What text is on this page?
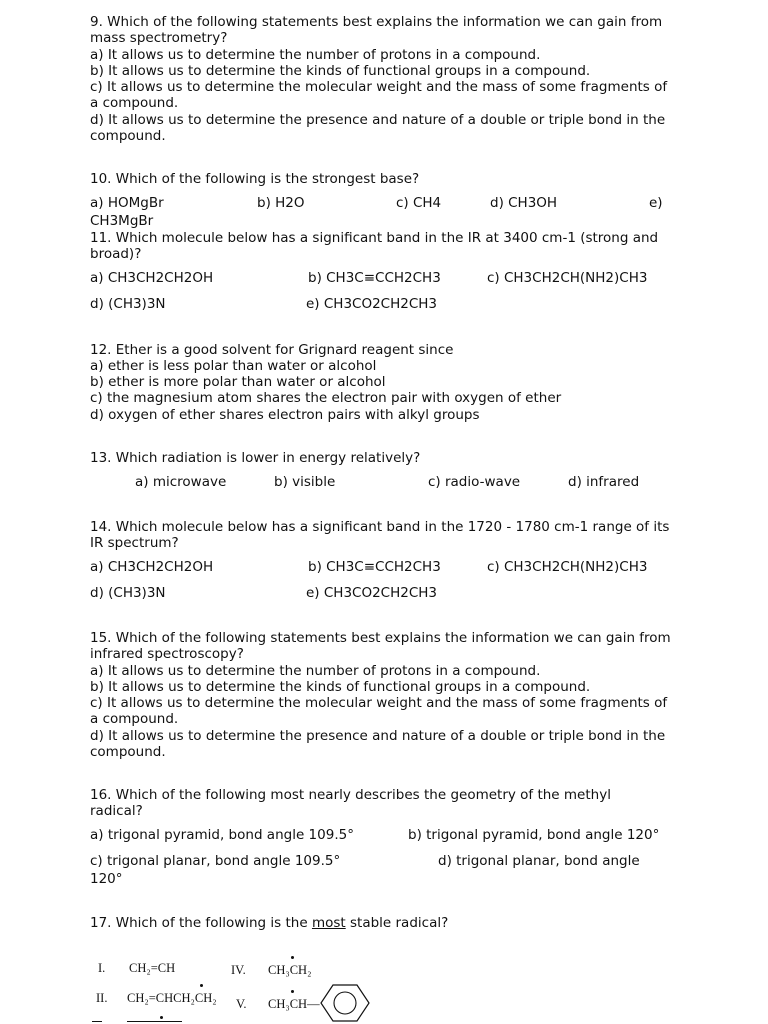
9. Which of the following statements best explains the information we can gain from mass spectrometry?
a) It allows us to determine the number of protons in a compound.
b) It allows us to determine the kinds of functional groups in a compound.
c) It allows us to determine the molecular weight and the mass of some fragments of a compound.
d) It allows us to determine the presence and nature of a double or triple bond in the compound.
10. Which of the following is the strongest base?
a) HOMgBr	b) H2O	c) CH4	d) CH3OH	e)
CH3MgBr
11. Which molecule below has a significant band in the IR at 3400 cm-1 (strong and broad)?
a) CH3CH2CH2OH	b) CH3C≡CCH2CH3	c) CH3CH2CH(NH2)CH3
d) (CH3)3N	e) CH3CO2CH2CH3
12. Ether is a good solvent for Grignard reagent since
a) ether is less polar than water or alcohol
b) ether is more polar than water or alcohol
c) the magnesium atom shares the electron pair with oxygen of ether
d) oxygen of ether shares electron pairs with alkyl groups
13. Which radiation is lower in energy relatively?
a) microwave	b) visible	c) radio-wave	d) infrared
14. Which molecule below has a significant band in the 1720 - 1780 cm-1 range of its IR spectrum?
a) CH3CH2CH2OH	b) CH3C≡CCH2CH3	c) CH3CH2CH(NH2)CH3
d) (CH3)3N	e) CH3CO2CH2CH3
15. Which of the following statements best explains the information we can gain from infrared spectroscopy?
a) It allows us to determine the number of protons in a compound.
b) It allows us to determine the kinds of functional groups in a compound.
c) It allows us to determine the molecular weight and the mass of some fragments of a compound.
d) It allows us to determine the presence and nature of a double or triple bond in the compound.
16. Which of the following most nearly describes the geometry of the methyl radical?
a) trigonal pyramid, bond angle 109.5°	b) trigonal pyramid, bond angle 120°
c) trigonal planar, bond angle 109.5°	d) trigonal planar, bond angle
120°
17. Which of the following is the most stable radical?
I. CH₂=CH	IV. CH₃CH₂
II. CH₂=CHCH₂CH₂ V. CH₃CH—
